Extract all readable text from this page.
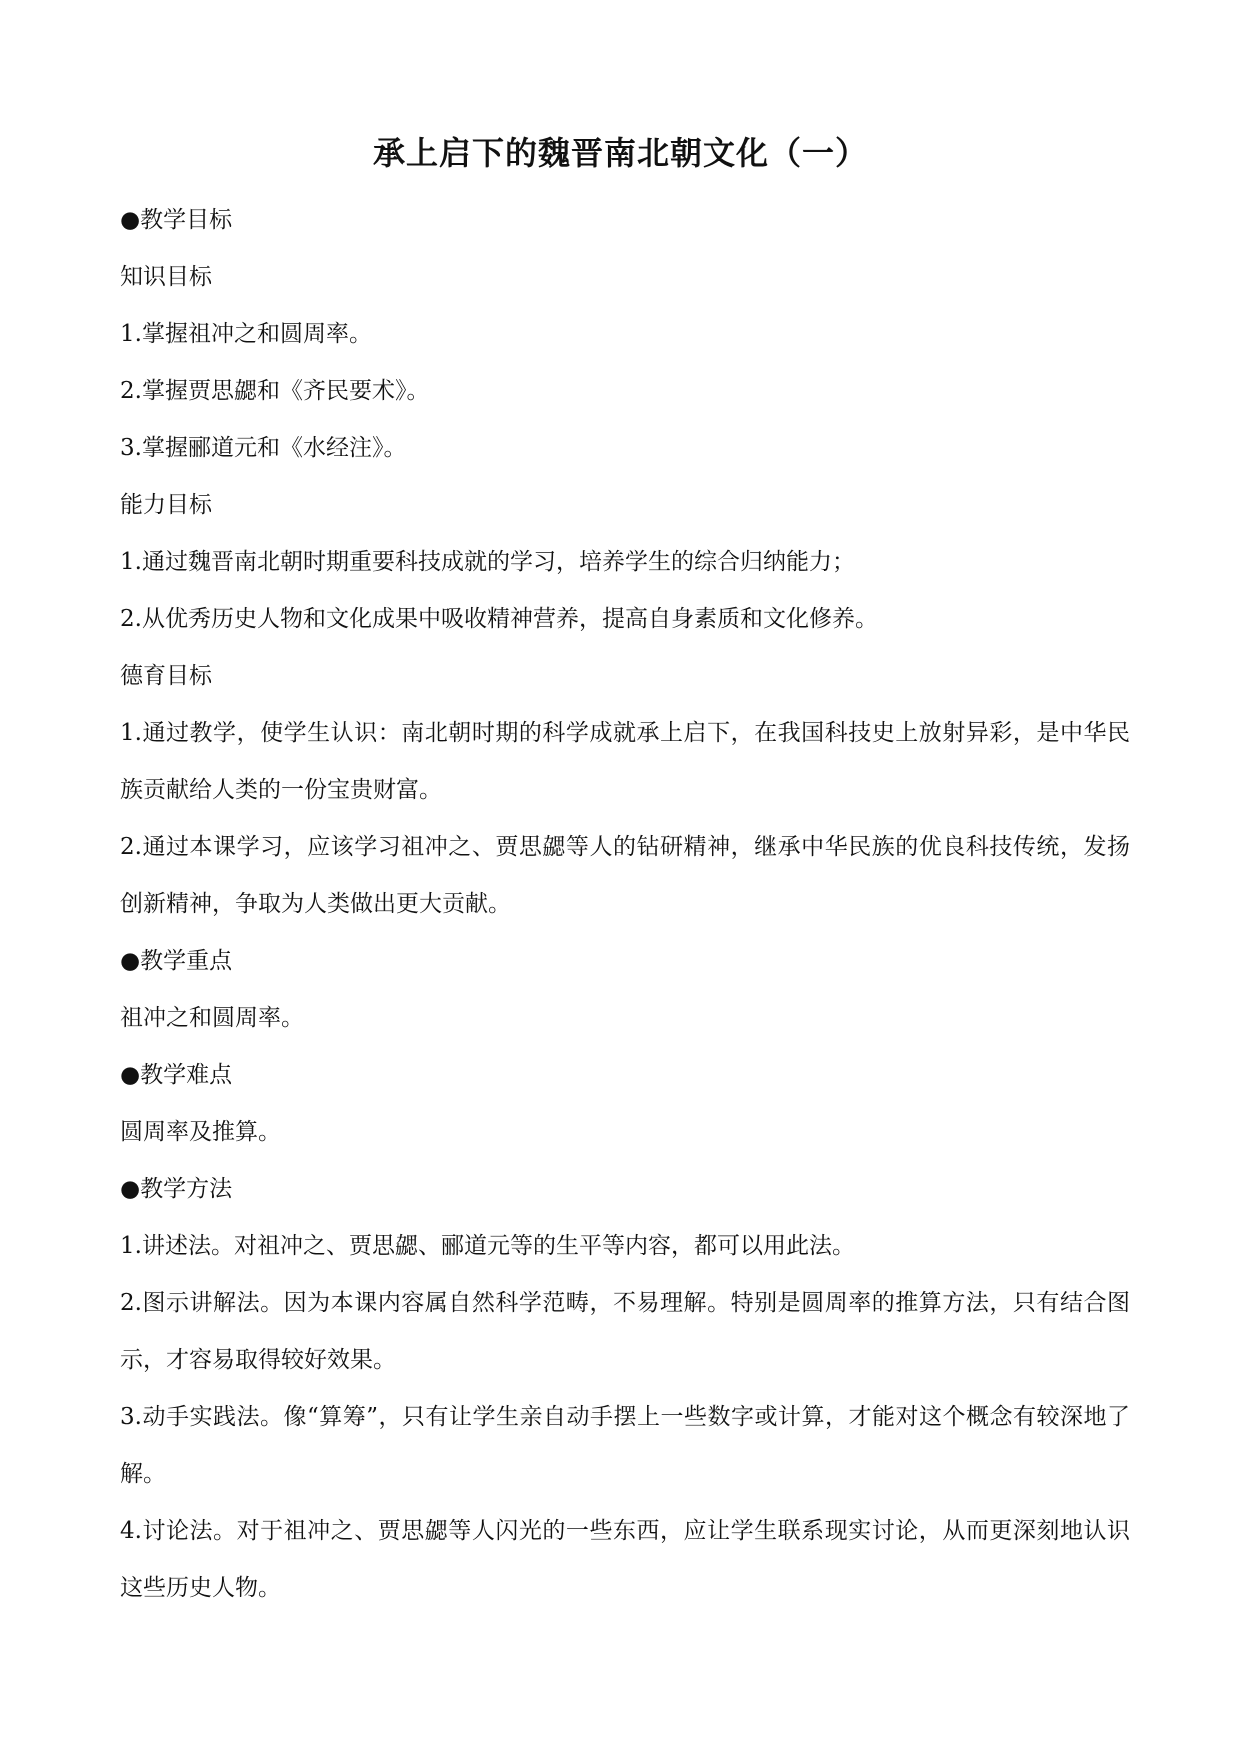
承上启下的魏晋南北朝文化（一）

●教学目标

知识目标

1.掌握祖冲之和圆周率。

2.掌握贾思勰和《齐民要术》。

3.掌握郦道元和《水经注》。

能力目标

1.通过魏晋南北朝时期重要科技成就的学习，培养学生的综合归纳能力；

2.从优秀历史人物和文化成果中吸收精神营养，提高自身素质和文化修养。

德育目标

1.通过教学，使学生认识：南北朝时期的科学成就承上启下，在我国科技史上放射异彩，是中华民族贡献给人类的一份宝贵财富。

2.通过本课学习，应该学习祖冲之、贾思勰等人的钻研精神，继承中华民族的优良科技传统，发扬创新精神，争取为人类做出更大贡献。

●教学重点

祖冲之和圆周率。

●教学难点

圆周率及推算。

●教学方法

1.讲述法。对祖冲之、贾思勰、郦道元等的生平等内容，都可以用此法。

2.图示讲解法。因为本课内容属自然科学范畴，不易理解。特别是圆周率的推算方法，只有结合图示，才容易取得较好效果。

3.动手实践法。像“算筹”，只有让学生亲自动手摆上一些数字或计算，才能对这个概念有较深地了解。

4.讨论法。对于祖冲之、贾思勰等人闪光的一些东西，应让学生联系现实讨论，从而更深刻地认识这些历史人物。
